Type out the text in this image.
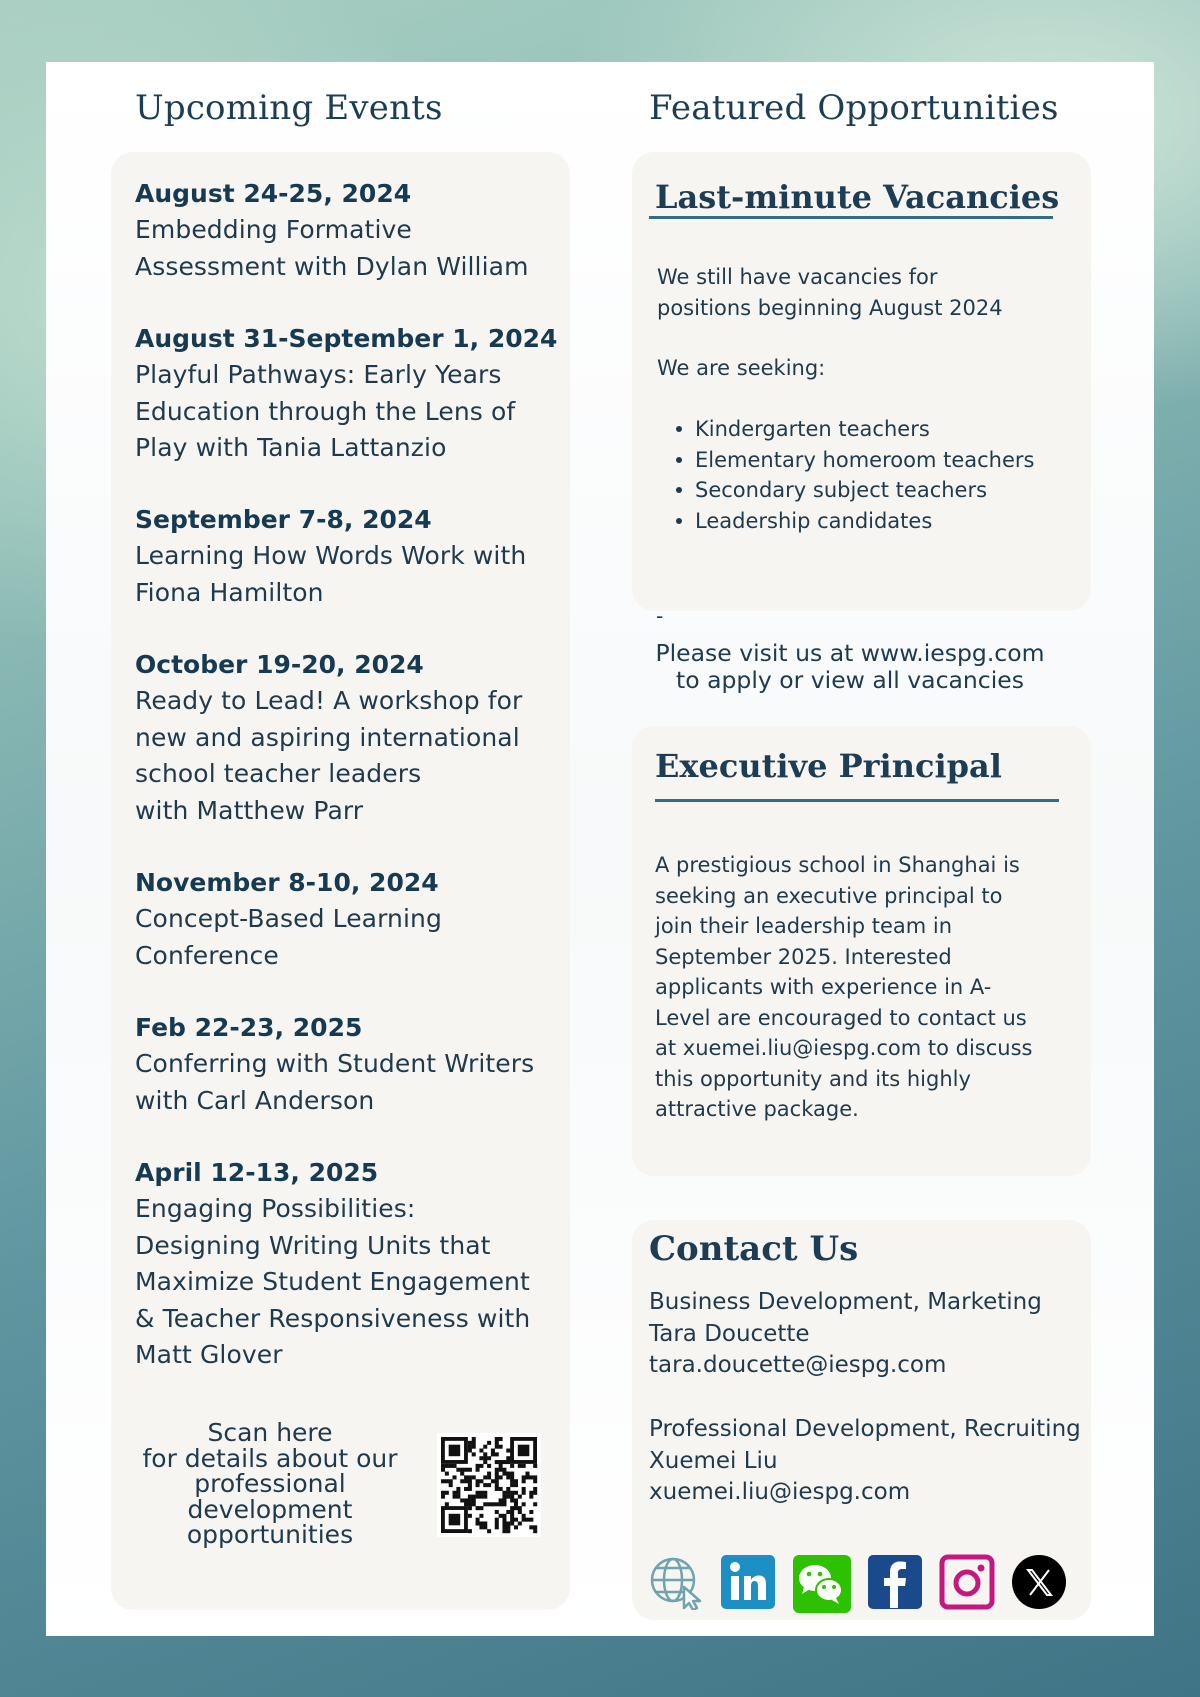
Upcoming Events
August 24-25, 2024
Embedding Formative
Assessment with Dylan William
August 31-September 1, 2024
Playful Pathways: Early Years
Education through the Lens of
Play with Tania Lattanzio
September 7-8, 2024
Learning How Words Work with
Fiona Hamilton
October 19-20, 2024
Ready to Lead! A workshop for
new and aspiring international
school teacher leaders
with Matthew Parr
November 8-10, 2024
Concept-Based Learning
Conference
Feb 22-23, 2025
Conferring with Student Writers
with Carl Anderson
April 12-13, 2025
Engaging Possibilities:
Designing Writing Units that
Maximize Student Engagement
& Teacher Responsiveness with
Matt Glover
Scan here
for details about our
professional
development
opportunities
Featured Opportunities
Last-minute Vacancies
We still have vacancies for
positions beginning August 2024
We are seeking:
Kindergarten teachers
Elementary homeroom teachers
Secondary subject teachers
Leadership candidates
-
Please visit us at www.iespg.com
to apply or view all vacancies
Executive Principal
A prestigious school in Shanghai is
seeking an executive principal to
join their leadership team in
September 2025. Interested
applicants with experience in A-
Level are encouraged to contact us
at xuemei.liu@iespg.com to discuss
this opportunity and its highly
attractive package.
Contact Us
Business Development, Marketing
Tara Doucette
tara.doucette@iespg.com
Professional Development, Recruiting
Xuemei Liu
xuemei.liu@iespg.com
